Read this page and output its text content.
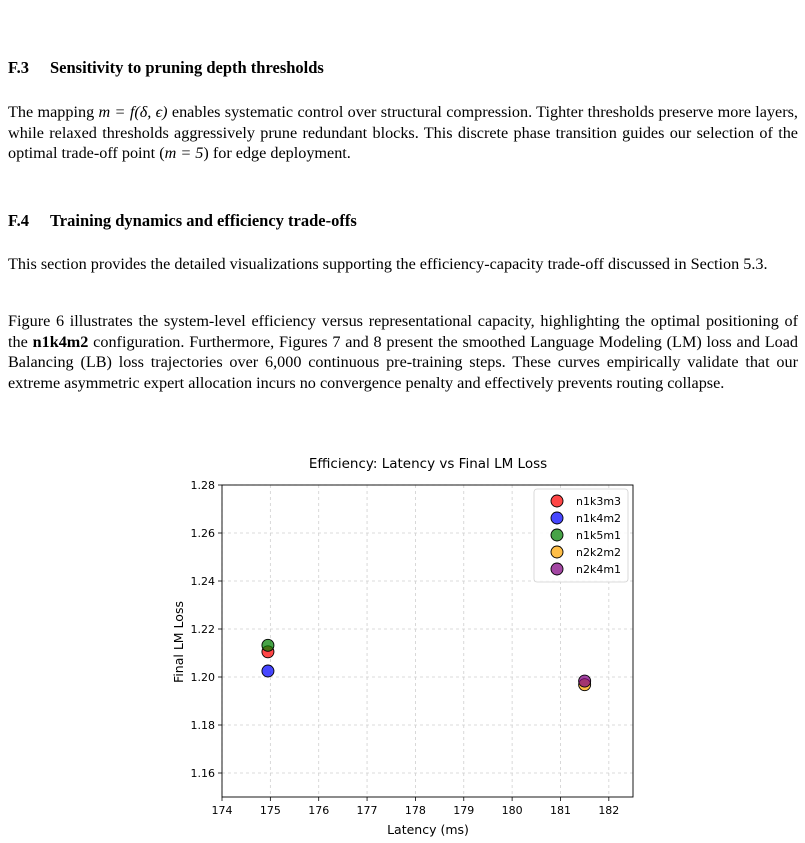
F.3 Sensitivity to pruning depth thresholds

The mapping m = f(δ, ϵ) enables systematic control over structural compression. Tighter thresholds preserve more layers, while relaxed thresholds aggressively prune redundant blocks. This discrete phase transition guides our selection of the optimal trade-off point (m = 5) for edge deployment.

F.4 Training dynamics and efficiency trade-offs

This section provides the detailed visualizations supporting the efficiency-capacity trade-off discussed in Section 5.3.

Figure 6 illustrates the system-level efficiency versus representational capacity, highlighting the optimal positioning of the n1k4m2 configuration. Furthermore, Figures 7 and 8 present the smoothed Language Modeling (LM) loss and Load Balancing (LB) loss trajectories over 6,000 continuous pre-training steps. These curves empirically validate that our extreme asymmetric expert allocation incurs no convergence penalty and effectively prevents routing collapse.

174 175 176 177 178 179 180 181 182
1.16
1.18
1.20
1.22
1.24
1.26
1.28
n1k3m3
n1k4m2
n1k5m1
n2k2m2
n2k4m1
Efficiency: Latency vs Final LM Loss
Latency (ms)
Final LM Loss
